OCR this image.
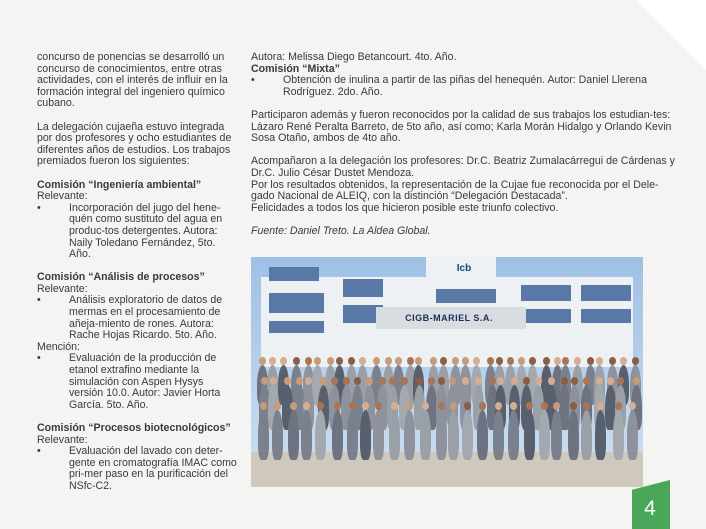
concurso de ponencias se desarrolló un concurso de conocimientos, entre otras actividades, con el interés de influir en la formación integral del ingeniero químico cubano.

La delegación cujaeña estuvo integrada por dos profesores y ocho estudiantes de diferentes años de estudios. Los trabajos premiados fueron los siguientes:

Comisión “Ingeniería ambiental”

Relevante:

•	Incorporación del jugo del hene-quén como sustituto del agua en produc-tos detergentes. Autora: Naily Toledano Fernández, 5to. Año.

Comisión “Análisis de procesos”

Relevante:

•	Análisis exploratorio de datos de mermas en el procesamiento de añeja-miento de rones. Autora: Rache Hojas Ricardo. 5to. Año.

Mención:

•	Evaluación de la producción de etanol extrafino mediante la simulación con Aspen Hysys versión 10.0. Autor: Javier Horta García. 5to. Año.

Comisión “Procesos biotecnológicos”

Relevante:

•	Evaluación del lavado con deter-gente en cromatografía IMAC como pri-mer paso en la purificación del NSfc-C2.

Autora: Melissa Diego Betancourt. 4to. Año.

Comisión “Mixta”

•	Obtención de inulina a partir de las piñas del henequén. Autor: Daniel Llerena Rodríguez. 2do. Año.

Participaron además y fueron reconocidos por la calidad de sus trabajos los estudian-tes: Lázaro René Peralta Barreto, de 5to año, así como; Karla Morán Hidalgo y Orlando Kevin Sosa Otaño, ambos de 4to año.

Acompañaron a la delegación los profesores: Dr.C. Beatriz Zumalacárregui de Cárdenas y Dr.C. Julio César Dustet Mendoza.

Por los resultados obtenidos, la representación de la Cujae fue reconocida por el Dele-gado Nacional de ALEIQ, con la distinción “Delegación Destacada”.

Felicidades a todos los que hicieron posible este triunfo colectivo.

Fuente: Daniel Treto. La Aldea Global.

CIGB-MARIEL S.A.
Icb
4
